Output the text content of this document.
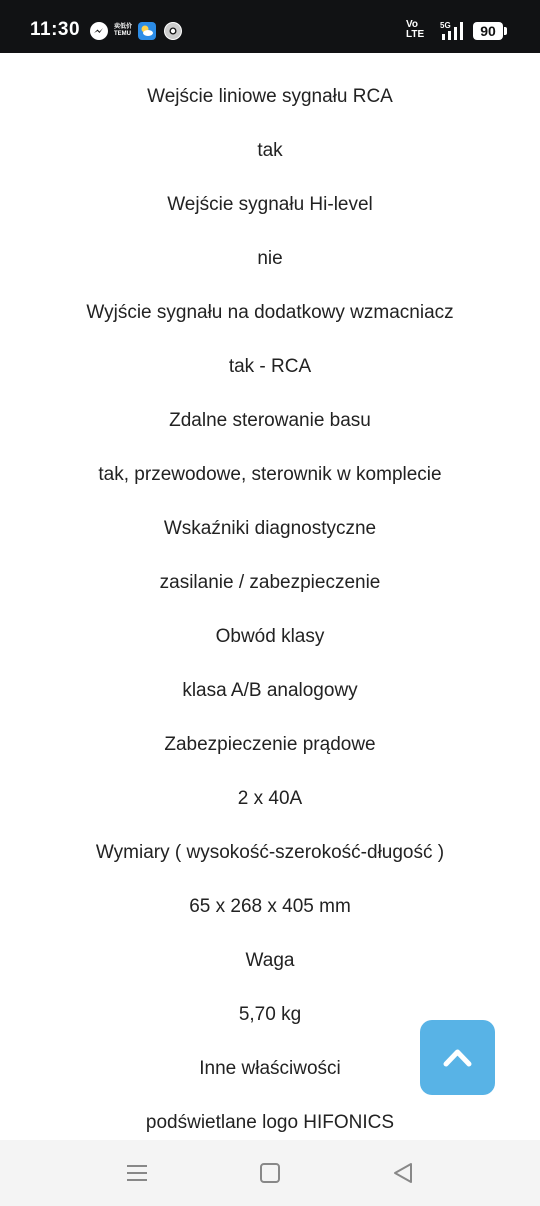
11:30	卖低价
TEMU
Vo
LTE
5G	90
Wejście liniowe sygnału RCA
tak
Wejście sygnału Hi-level
nie
Wyjście sygnału na dodatkowy wzmacniacz
tak - RCA
Zdalne sterowanie basu
tak, przewodowe, sterownik w komplecie
Wskaźniki diagnostyczne
zasilanie / zabezpieczenie
Obwód klasy
klasa A/B analogowy
Zabezpieczenie prądowe
2 x 40A
Wymiary ( wysokość-szerokość-długość )
65 x 268 x 405 mm
Waga
5,70 kg
Inne właściwości
podświetlane logo HIFONICS
